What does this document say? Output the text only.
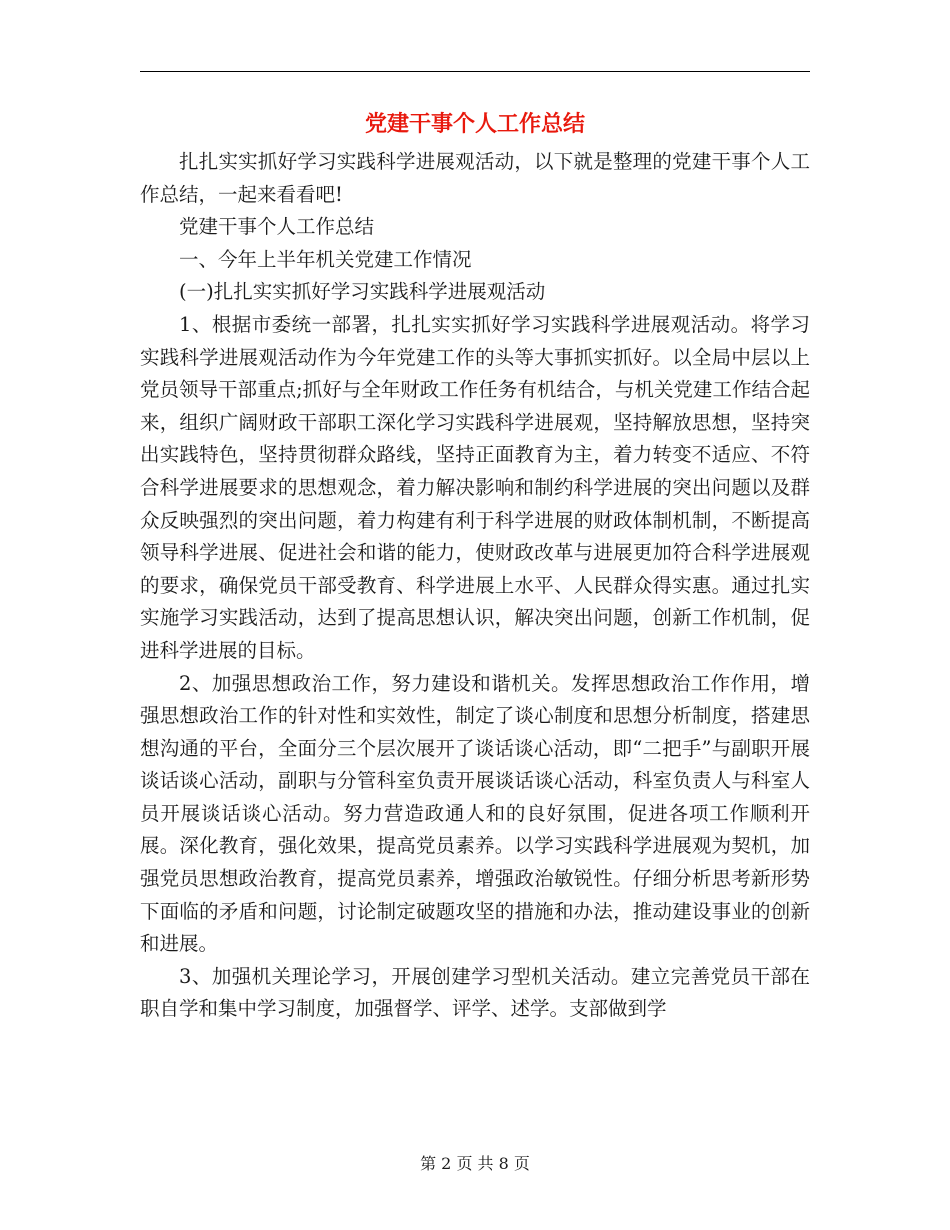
党建干事个人工作总结

扎扎实实抓好学习实践科学进展观活动，以下就是整理的党建干事个人工作总结，一起来看看吧!

党建干事个人工作总结

一、今年上半年机关党建工作情况

(一)扎扎实实抓好学习实践科学进展观活动

1、根据市委统一部署，扎扎实实抓好学习实践科学进展观活动。将学习实践科学进展观活动作为今年党建工作的头等大事抓实抓好。以全局中层以上党员领导干部重点;抓好与全年财政工作任务有机结合，与机关党建工作结合起来，组织广阔财政干部职工深化学习实践科学进展观，坚持解放思想，坚持突出实践特色，坚持贯彻群众路线，坚持正面教育为主，着力转变不适应、不符合科学进展要求的思想观念，着力解决影响和制约科学进展的突出问题以及群众反映强烈的突出问题，着力构建有利于科学进展的财政体制机制，不断提高领导科学进展、促进社会和谐的能力，使财政改革与进展更加符合科学进展观的要求，确保党员干部受教育、科学进展上水平、人民群众得实惠。通过扎实实施学习实践活动，达到了提高思想认识，解决突出问题，创新工作机制，促进科学进展的目标。

2、加强思想政治工作，努力建设和谐机关。发挥思想政治工作作用，增强思想政治工作的针对性和实效性，制定了谈心制度和思想分析制度，搭建思想沟通的平台，全面分三个层次展开了谈话谈心活动，即“二把手”与副职开展谈话谈心活动，副职与分管科室负责开展谈话谈心活动，科室负责人与科室人员开展谈话谈心活动。努力营造政通人和的良好氛围，促进各项工作顺利开展。深化教育，强化效果，提高党员素养。以学习实践科学进展观为契机，加强党员思想政治教育，提高党员素养，增强政治敏锐性。仔细分析思考新形势下面临的矛盾和问题，讨论制定破题攻坚的措施和办法，推动建设事业的创新和进展。

3、加强机关理论学习，开展创建学习型机关活动。建立完善党员干部在职自学和集中学习制度，加强督学、评学、述学。支部做到学

第 2 页 共 8 页
